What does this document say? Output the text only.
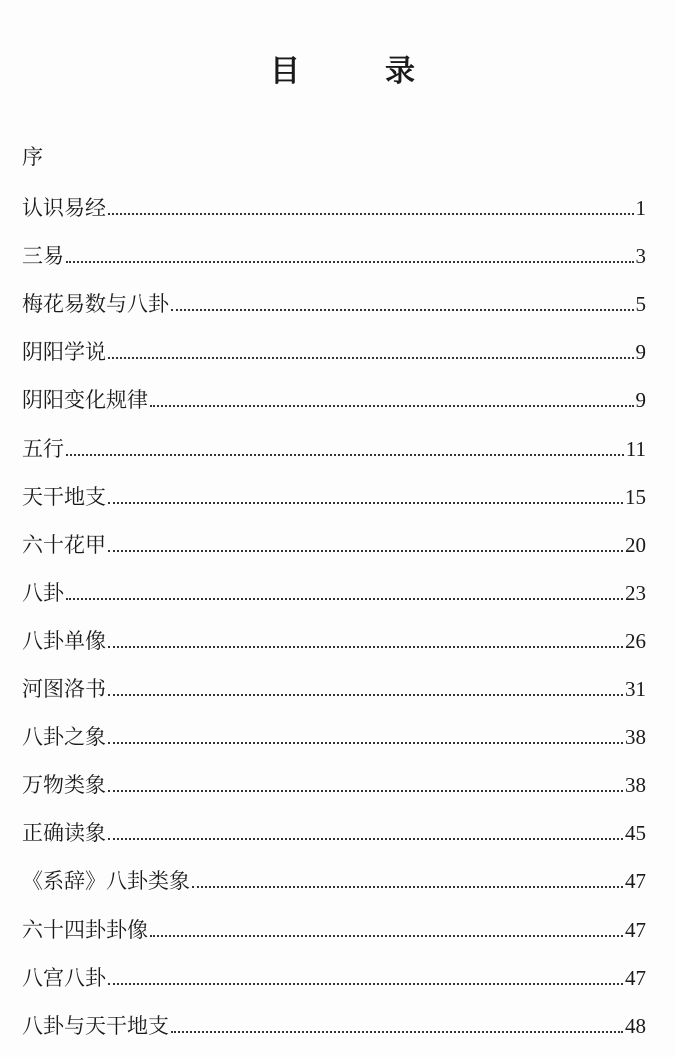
目	录
序
认识易经	1
三易	3
梅花易数与八卦	5
阴阳学说	9
阴阳变化规律	9
五行	11
天干地支	15
六十花甲	20
八卦	23
八卦单像	26
河图洛书	31
八卦之象	38
万物类象	38
正确读象	45
《系辞》八卦类象	47
六十四卦卦像	47
八宫八卦	47
八卦与天干地支	48
